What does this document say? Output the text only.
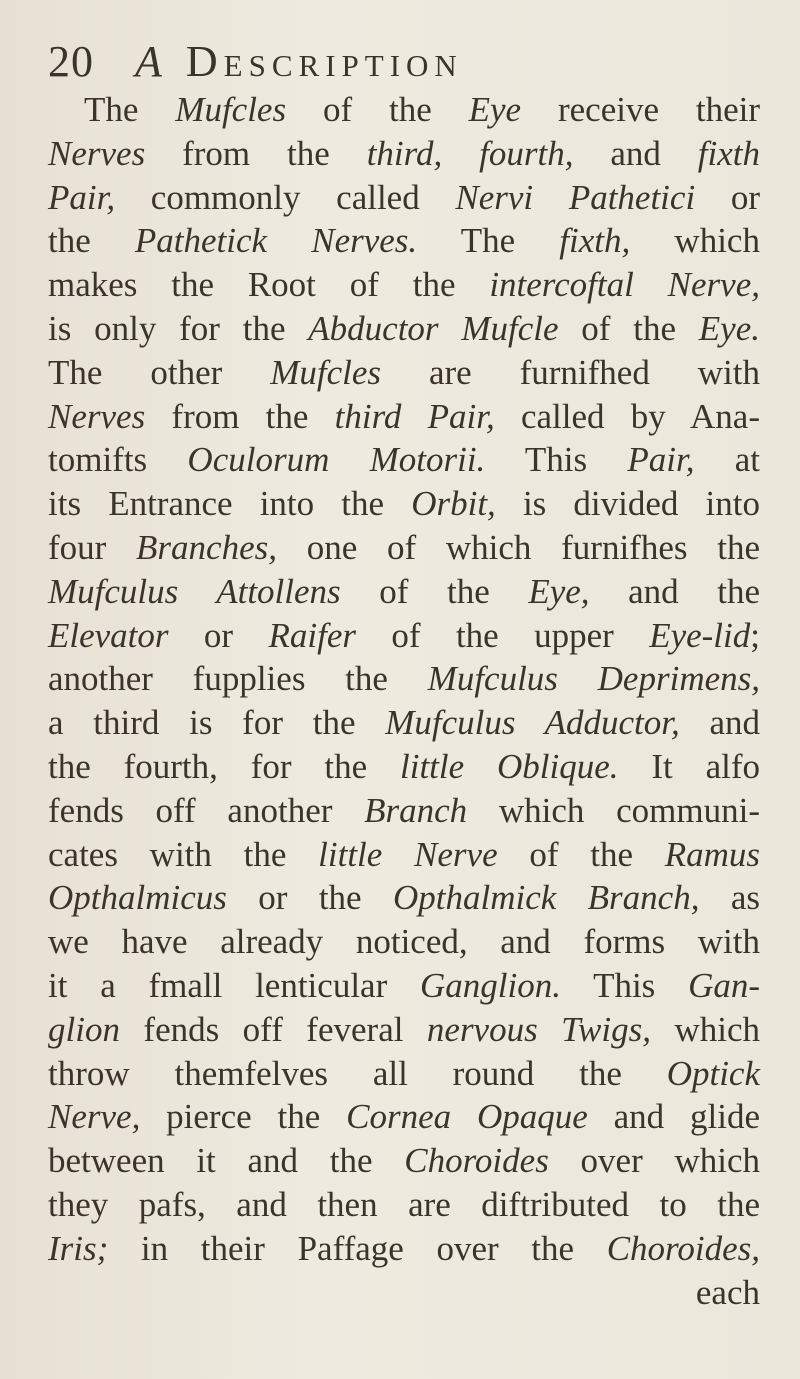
20 A Description
The Mufcles of the Eye receive their
Nerves from the third, fourth, and fixth
Pair, commonly called Nervi Pathetici or
the Pathetick Nerves. The fixth, which
makes the Root of the intercoftal Nerve,
is only for the Abductor Mufcle of the Eye.
The other Mufcles are furnifhed with
Nerves from the third Pair, called by Ana-
tomifts Oculorum Motorii. This Pair, at
its Entrance into the Orbit, is divided into
four Branches, one of which furnifhes the
Mufculus Attollens of the Eye, and the
Elevator or Raifer of the upper Eye-lid;
another fupplies the Mufculus Deprimens,
a third is for the Mufculus Adductor, and
the fourth, for the little Oblique. It alfo
fends off another Branch which communi-
cates with the little Nerve of the Ramus
Opthalmicus or the Opthalmick Branch, as
we have already noticed, and forms with
it a fmall lenticular Ganglion. This Gan-
glion fends off feveral nervous Twigs, which
throw themfelves all round the Optick
Nerve, pierce the Cornea Opaque and glide
between it and the Choroides over which
they pafs, and then are diftributed to the
Iris; in their Paffage over the Choroides,
each
